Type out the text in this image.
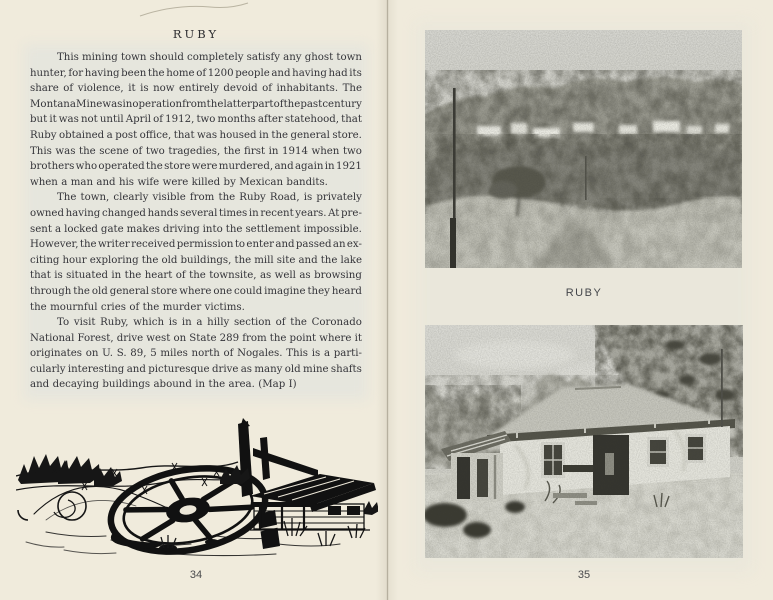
RUBY
This mining town should completely satisfy any ghost town
hunter, for having been the home of 1200 people and having had its
share of violence, it is now entirely devoid of inhabitants. The
Montana Mine was in operation from the latter part of the past century
but it was not until April of 1912, two months after statehood, that
Ruby obtained a post office, that was housed in the general store.
This was the scene of two tragedies, the first in 1914 when two
brothers who operated the store were murdered, and again in 1921
when a man and his wife were killed by Mexican bandits.
The town, clearly visible from the Ruby Road, is privately
owned having changed hands several times in recent years. At pre-
sent a locked gate makes driving into the settlement impossible.
However, the writer received permission to enter and passed an ex-
citing hour exploring the old buildings, the mill site and the lake
that is situated in the heart of the townsite, as well as browsing
through the old general store where one could imagine they heard
the mournful cries of the murder victims.
To visit Ruby, which is in a hilly section of the Coronado
National Forest, drive west on State 289 from the point where it
originates on U. S. 89, 5 miles north of Nogales. This is a parti-
cularly interesting and picturesque drive as many old mine shafts
and decaying buildings abound in the area. (Map I)
34
RUBY
35
